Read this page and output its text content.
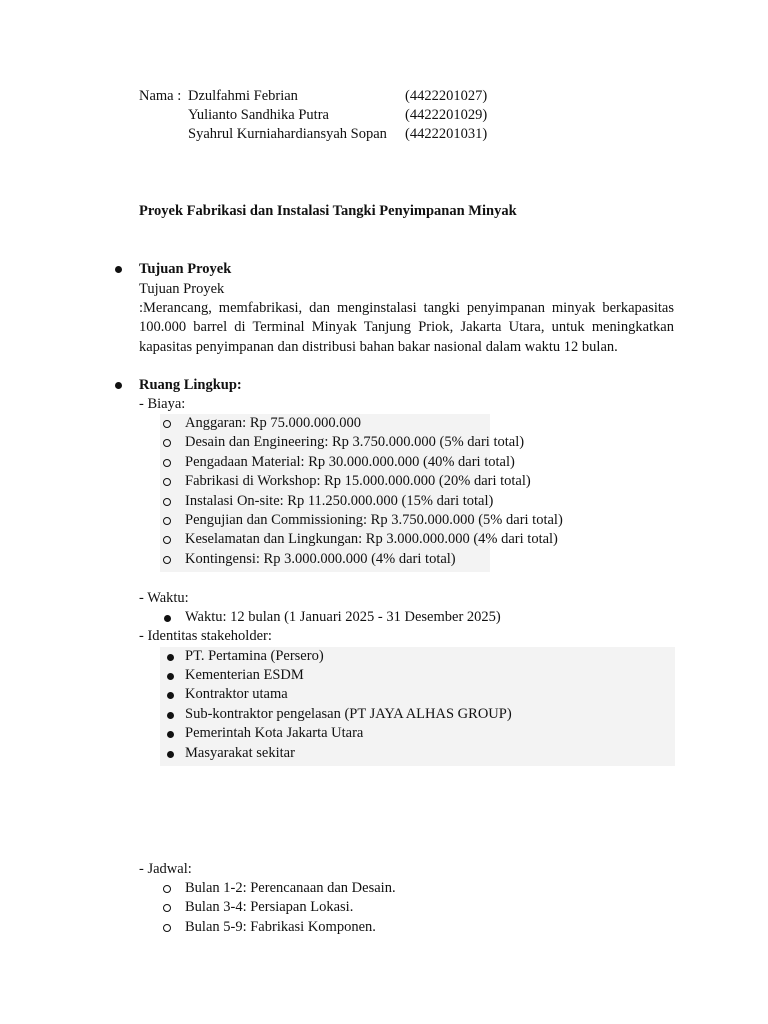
Nama : Dzulfahmi Febrian	(4422201027)
Yulianto Sandhika Putra	(4422201029)
Syahrul Kurniahardiansyah Sopan (4422201031)
Proyek Fabrikasi dan Instalasi Tangki Penyimpanan Minyak
Tujuan Proyek
Tujuan Proyek
:Merancang, memfabrikasi, dan menginstalasi tangki penyimpanan minyak berkapasitas 100.000 barrel di Terminal Minyak Tanjung Priok, Jakarta Utara, untuk meningkatkan kapasitas penyimpanan dan distribusi bahan bakar nasional dalam waktu 12 bulan.
Ruang Lingkup:
- Biaya:
Anggaran: Rp 75.000.000.000
Desain dan Engineering: Rp 3.750.000.000 (5% dari total)
Pengadaan Material: Rp 30.000.000.000 (40% dari total)
Fabrikasi di Workshop: Rp 15.000.000.000 (20% dari total)
Instalasi On-site: Rp 11.250.000.000 (15% dari total)
Pengujian dan Commissioning: Rp 3.750.000.000 (5% dari total)
Keselamatan dan Lingkungan: Rp 3.000.000.000 (4% dari total)
Kontingensi: Rp 3.000.000.000 (4% dari total)
- Waktu:
Waktu: 12 bulan (1 Januari 2025 - 31 Desember 2025)
- Identitas stakeholder:
PT. Pertamina (Persero)
Kementerian ESDM
Kontraktor utama
Sub-kontraktor pengelasan (PT JAYA ALHAS GROUP)
Pemerintah Kota Jakarta Utara
Masyarakat sekitar
- Jadwal:
Bulan 1-2: Perencanaan dan Desain.
Bulan 3-4: Persiapan Lokasi.
Bulan 5-9: Fabrikasi Komponen.
